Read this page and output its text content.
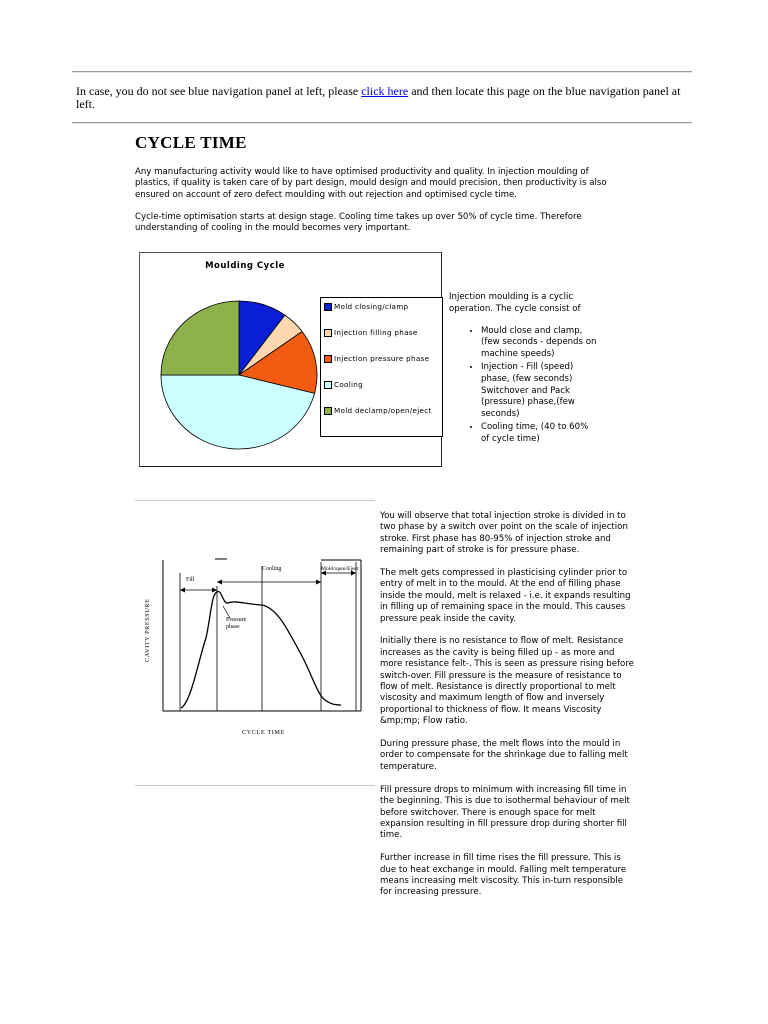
In case, you do not see blue navigation panel at left, please click here and then locate this page on the blue navigation panel at left.
CYCLE TIME

Any manufacturing activity would like to have optimised productivity and quality. In injection moulding of plastics, if quality is taken care of by part design, mould design and mould precision, then productivity is also ensured on account of zero defect moulding with out rejection and optimised cycle time.

Cycle-time optimisation starts at design stage. Cooling time takes up over 50% of cycle time. Therefore understanding of cooling in the mould becomes very important.

Moulding Cycle
Mold closing/clamp
Injection filling phase
Injection pressure phase
Cooling
Mold declamp/open/eject
Injection moulding is a cyclic operation. The cycle consist of
• Mould close and clamp, (few seconds - depends on machine speeds)
• Injection - Fill (speed) phase, (few seconds) Switchover and Pack (pressure) phase,(few seconds)
• Cooling time, (40 to 60% of cycle time)
Fill
Cooling	Mold/open/Eject
Pressure
phase
CYCLE TIME
CAVITY PRESSURE

You will observe that total injection stroke is divided in to two phase by a switch over point on the scale of injection stroke. First phase has 80-95% of injection stroke and remaining part of stroke is for pressure phase.

The melt gets compressed in plasticising cylinder prior to entry of melt in to the mould. At the end of filling phase inside the mould, melt is relaxed - i.e. it expands resulting in filling up of remaining space in the mould. This causes pressure peak inside the cavity.

Initially there is no resistance to flow of melt. Resistance increases as the cavity is being filled up - as more and more resistance felt-. This is seen as pressure rising before switch-over. Fill pressure is the measure of resistance to flow of melt. Resistance is directly proportional to melt viscosity and maximum length of flow and inversely proportional to thickness of flow. It means Viscosity &mp;mp; Flow ratio.

During pressure phase, the melt flows into the mould in order to compensate for the shrinkage due to falling melt temperature.

Fill pressure drops to minimum with increasing fill time in the beginning. This is due to isothermal behaviour of melt before switchover. There is enough space for melt expansion resulting in fill pressure drop during shorter fill time.

Further increase in fill time rises the fill pressure. This is due to heat exchange in mould. Falling melt temperature means increasing melt viscosity. This in-turn responsible for increasing pressure.
